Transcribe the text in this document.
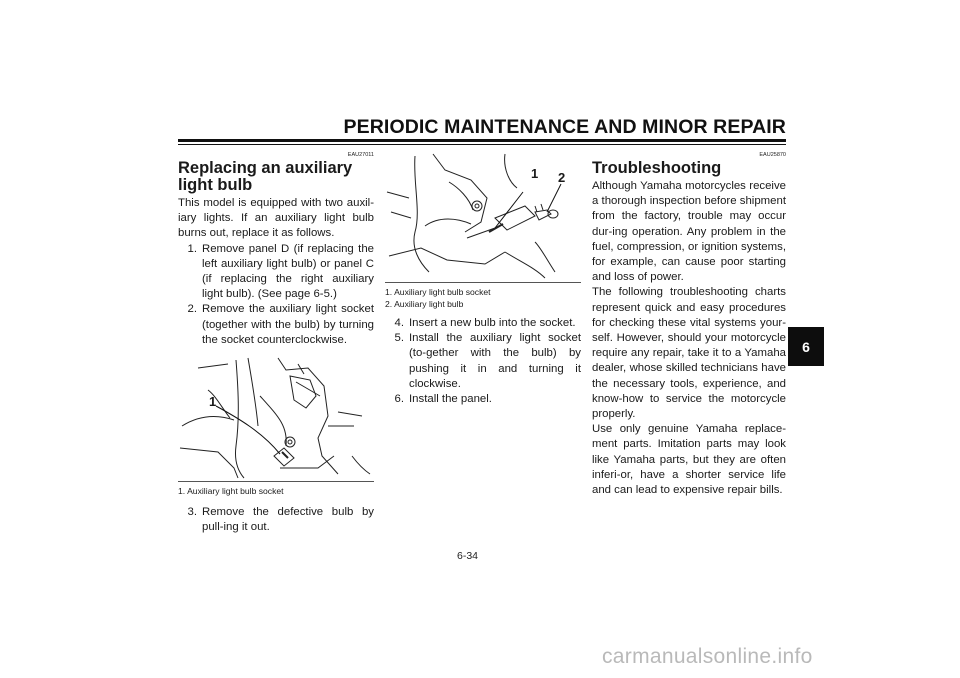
PERIODIC MAINTENANCE AND MINOR REPAIR
EAU27011
Replacing an auxiliary light bulb

This model is equipped with two auxil-iary lights. If an auxiliary light bulb burns out, replace it as follows.

1. Remove panel D (if replacing the left auxiliary light bulb) or panel C (if replacing the right auxiliary light bulb). (See page 6-5.)
2. Remove the auxiliary light socket (together with the bulb) by turning the socket counterclockwise.
1
1. Auxiliary light bulb socket
3. Remove the defective bulb by pull-ing it out.
1 2
1. Auxiliary light bulb socket
2. Auxiliary light bulb
4. Insert a new bulb into the socket.
5. Install the auxiliary light socket (to-gether with the bulb) by pushing it in and turning it clockwise.
6. Install the panel.
EAU25870
Troubleshooting

Although Yamaha motorcycles receive a thorough inspection before shipment from the factory, trouble may occur dur-ing operation. Any problem in the fuel, compression, or ignition systems, for example, can cause poor starting and loss of power.

The following troubleshooting charts represent quick and easy procedures for checking these vital systems your-self. However, should your motorcycle require any repair, take it to a Yamaha dealer, whose skilled technicians have the necessary tools, experience, and know-how to service the motorcycle properly.

Use only genuine Yamaha replace-ment parts. Imitation parts may look like Yamaha parts, but they are often inferi-or, have a shorter service life and can lead to expensive repair bills.

6
6-34
carmanualsonline.info
